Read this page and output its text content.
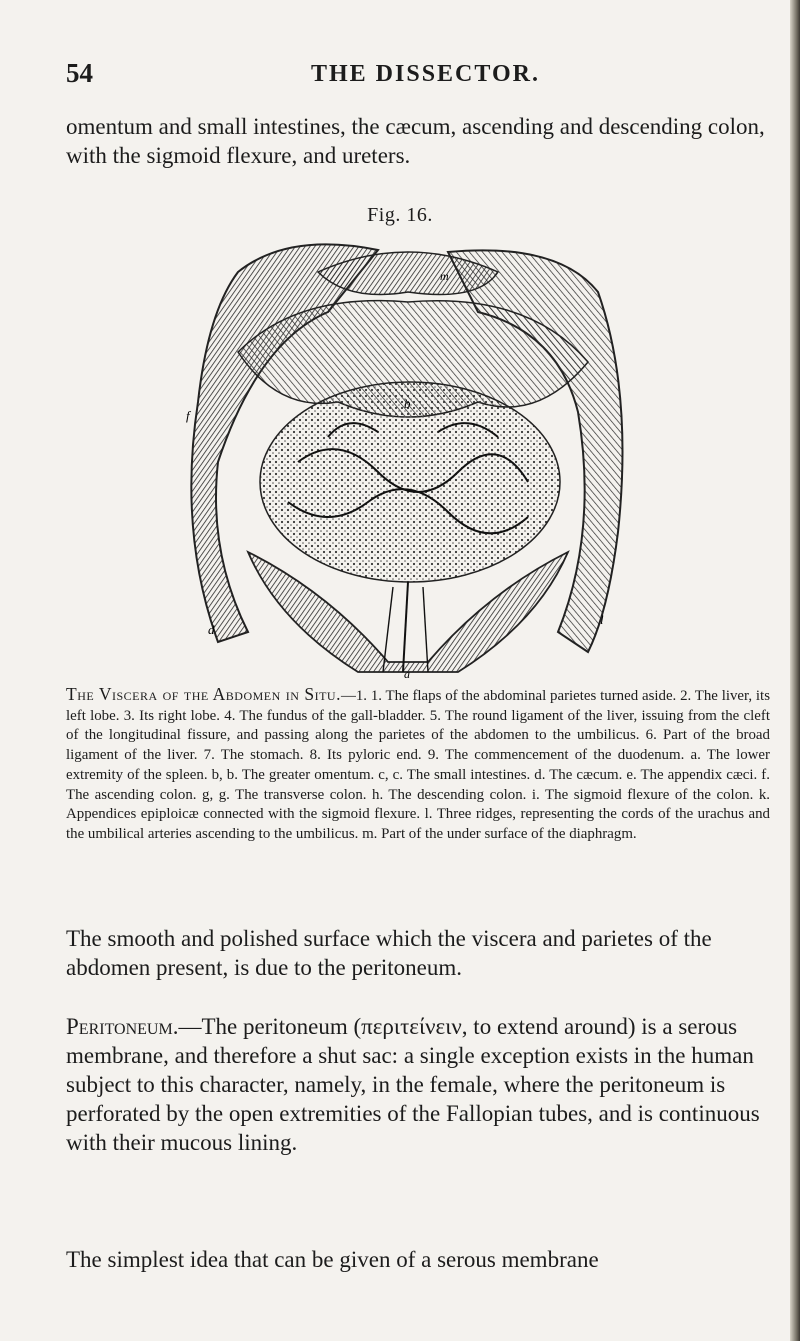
54	THE DISSECTOR.

omentum and small intestines, the cæcum, ascending and descending colon, with the sigmoid flexure, and ureters.

Fig. 16.
m
b
f
d
l
a

The Viscera of the Abdomen in Situ.—1. 1. The flaps of the abdominal parietes turned aside. 2. The liver, its left lobe. 3. Its right lobe. 4. The fundus of the gall-bladder. 5. The round ligament of the liver, issuing from the cleft of the longitudinal fissure, and passing along the parietes of the abdomen to the umbilicus. 6. Part of the broad ligament of the liver. 7. The stomach. 8. Its pyloric end. 9. The commencement of the duodenum. a. The lower extremity of the spleen. b, b. The greater omentum. c, c. The small intestines. d. The cæcum. e. The appendix cæci. f. The ascending colon. g, g. The transverse colon. h. The descending colon. i. The sigmoid flexure of the colon. k. Appendices epiploicæ connected with the sigmoid flexure. l. Three ridges, representing the cords of the urachus and the umbilical arteries ascending to the umbilicus. m. Part of the under surface of the diaphragm.

The smooth and polished surface which the viscera and parietes of the abdomen present, is due to the peritoneum.

Peritoneum.—The peritoneum (περιτείνειν, to extend around) is a serous membrane, and therefore a shut sac: a single exception exists in the human subject to this character, namely, in the female, where the peritoneum is perforated by the open extremities of the Fallopian tubes, and is continuous with their mucous lining.

The simplest idea that can be given of a serous membrane
